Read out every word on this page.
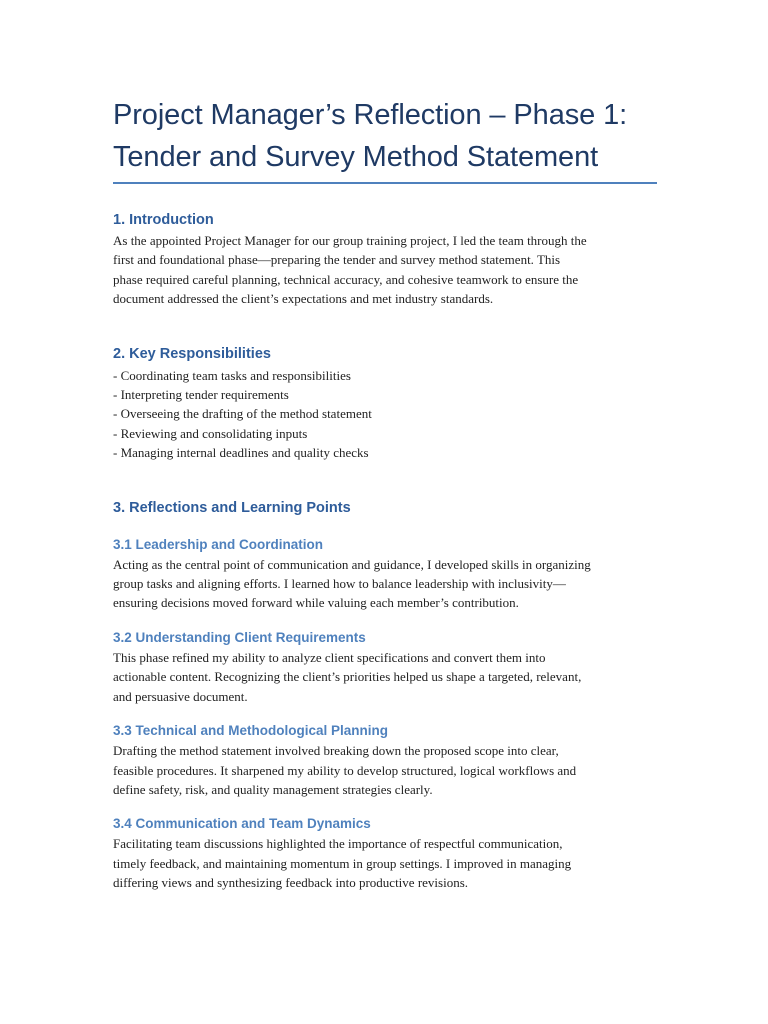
Project Manager’s Reflection – Phase 1:
Tender and Survey Method Statement
1. Introduction

As the appointed Project Manager for our group training project, I led the team through the
first and foundational phase—preparing the tender and survey method statement. This
phase required careful planning, technical accuracy, and cohesive teamwork to ensure the
document addressed the client’s expectations and met industry standards.

2. Key Responsibilities
- Coordinating team tasks and responsibilities
- Interpreting tender requirements
- Overseeing the drafting of the method statement
- Reviewing and consolidating inputs
- Managing internal deadlines and quality checks
3. Reflections and Learning Points
3.1 Leadership and Coordination

Acting as the central point of communication and guidance, I developed skills in organizing
group tasks and aligning efforts. I learned how to balance leadership with inclusivity—
ensuring decisions moved forward while valuing each member’s contribution.

3.2 Understanding Client Requirements

This phase refined my ability to analyze client specifications and convert them into
actionable content. Recognizing the client’s priorities helped us shape a targeted, relevant,
and persuasive document.

3.3 Technical and Methodological Planning

Drafting the method statement involved breaking down the proposed scope into clear,
feasible procedures. It sharpened my ability to develop structured, logical workflows and
define safety, risk, and quality management strategies clearly.

3.4 Communication and Team Dynamics

Facilitating team discussions highlighted the importance of respectful communication,
timely feedback, and maintaining momentum in group settings. I improved in managing
differing views and synthesizing feedback into productive revisions.
